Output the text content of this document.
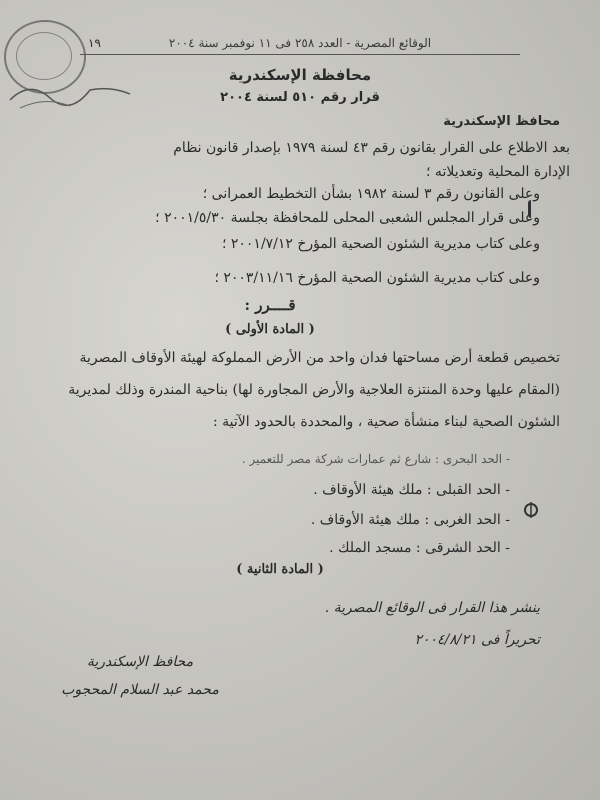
١٩	الوقائع المصرية - العدد ٢٥٨ فى ١١ نوفمبر سنة ٢٠٠٤
محافظة الإسكندرية
قرار رقم ٥١٠ لسنة ٢٠٠٤
محافظ الإسكندرية
بعد الاطلاع على القرار بقانون رقم ٤٣ لسنة ١٩٧٩ بإصدار قانون نظام
الإدارة المحلية وتعديلاته ؛
وعلى القانون رقم ٣ لسنة ١٩٨٢ بشأن التخطيط العمرانى ؛
وعلى قرار المجلس الشعبى المحلى للمحافظة بجلسة ٢٠٠١/٥/٣٠ ؛
وعلى كتاب مديرية الشئون الصحية المؤرخ ٢٠٠١/٧/١٢ ؛
وعلى كتاب مديرية الشئون الصحية المؤرخ ٢٠٠٣/١١/١٦ ؛
قــــرر :
( المادة الأولى )
تخصيص قطعة أرض مساحتها فدان واحد من الأرض المملوكة لهيئة الأوقاف المصرية
(المقام عليها وحدة المنتزة العلاجية والأرض المجاورة لها) بناحية المندرة وذلك لمديرية
الشئون الصحية لبناء منشأة صحية ، والمحددة بالحدود الآتية :
- الحد البحرى : شارع ثم عمارات شركة مصر للتعمير .
- الحد القبلى : ملك هيئة الأوقاف .
- الحد الغربى : ملك هيئة الأوقاف .
- الحد الشرقى : مسجد الملك .
( المادة الثانية )
ينشر هذا القرار فى الوقائع المصرية .
تحريراً فى ٢٠٠٤/٨/٢١
محافظ الإسكندرية
محمد عبد السلام المحجوب
